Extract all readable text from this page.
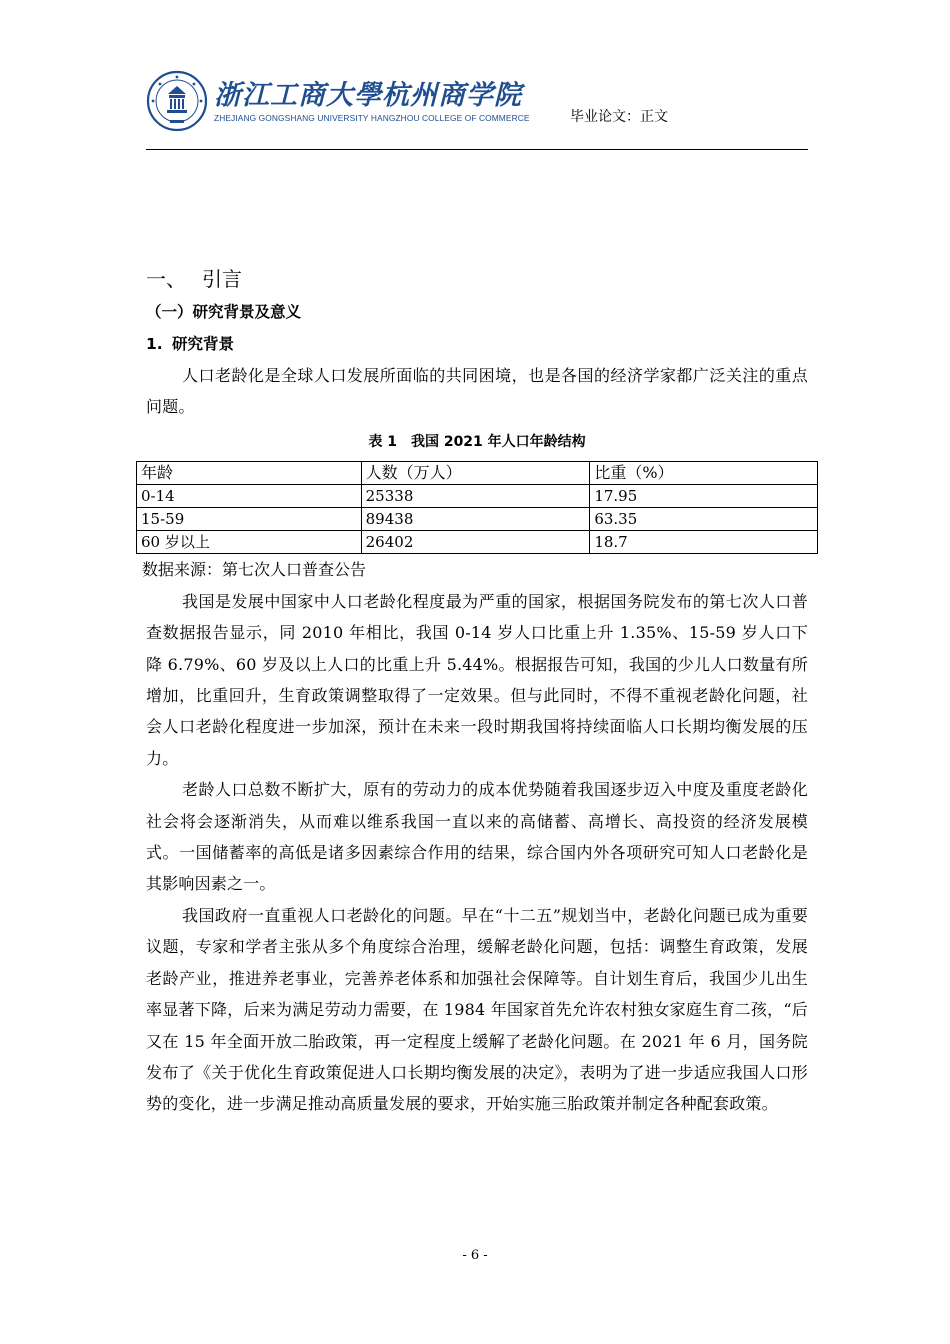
浙江工商大學杭州商学院
ZHEJIANG GONGSHANG UNIVERSITY HANGZHOU COLLEGE OF COMMERCE	毕业论文：正文
一、 引言
（一）研究背景及意义
1. 研究背景

人口老龄化是全球人口发展所面临的共同困境，也是各国的经济学家都广泛关注的重点问题。

表 1 我国 2021 年人口年龄结构
年龄	人数（万人）	比重（%）
0-14	25338	17.95
15-59	89438	63.35
60 岁以上	26402	18.7
数据来源：第七次人口普查公告

我国是发展中国家中人口老龄化程度最为严重的国家，根据国务院发布的第七次人口普查数据报告显示，同 2010 年相比，我国 0-14 岁人口比重上升 1.35%、15-59 岁人口下降 6.79%、60 岁及以上人口的比重上升 5.44%。根据报告可知，我国的少儿人口数量有所增加，比重回升，生育政策调整取得了一定效果。但与此同时，不得不重视老龄化问题，社会人口老龄化程度进一步加深，预计在未来一段时期我国将持续面临人口长期均衡发展的压力。

老龄人口总数不断扩大，原有的劳动力的成本优势随着我国逐步迈入中度及重度老龄化社会将会逐渐消失，从而难以维系我国一直以来的高储蓄、高增长、高投资的经济发展模式。一国储蓄率的高低是诸多因素综合作用的结果，综合国内外各项研究可知人口老龄化是其影响因素之一。

我国政府一直重视人口老龄化的问题。早在“十二五”规划当中，老龄化问题已成为重要议题，专家和学者主张从多个角度综合治理，缓解老龄化问题，包括：调整生育政策，发展老龄产业，推进养老事业，完善养老体系和加强社会保障等。自计划生育后，我国少儿出生率显著下降，后来为满足劳动力需要，在 1984 年国家首先允许农村独女家庭生育二孩，“后又在 15 年全面开放二胎政策，再一定程度上缓解了老龄化问题。在 2021 年 6 月，国务院发布了《关于优化生育政策促进人口长期均衡发展的决定》，表明为了进一步适应我国人口形势的变化，进一步满足推动高质量发展的要求，开始实施三胎政策并制定各种配套政策。

- 6 -
